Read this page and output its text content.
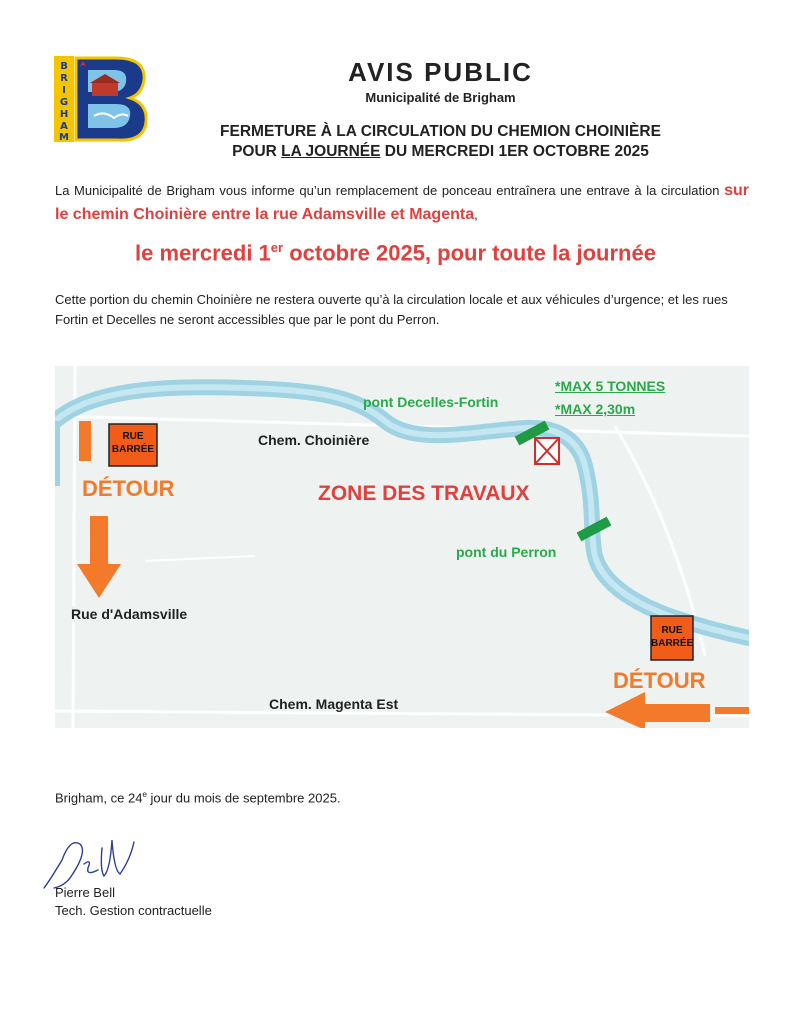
B
R
I
G
H
A
M
AVIS PUBLIC
Municipalité de Brigham
FERMETURE À LA CIRCULATION DU CHEMION CHOINIÈRE
POUR LA JOURNÉE DU MERCREDI 1ER OCTOBRE 2025
La Municipalité de Brigham vous informe qu’un remplacement de ponceau entraînera une entrave à la circulation sur le chemin Choinière entre la rue Adamsville et Magenta,
le mercredi 1er octobre 2025, pour toute la journée
Cette portion du chemin Choinière ne restera ouverte qu’à la circulation locale et aux véhicules d’urgence; et les rues Fortin et Decelles ne seront accessibles que par le pont du Perron.
RUE
BARRÉE
RUE
BARRÉE
DÉTOUR
DÉTOUR
Chem. Choinière
ZONE DES TRAVAUX
pont Decelles-Fortin
*MAX 5 TONNES
*MAX 2,30m
pont du Perron
Rue d'Adamsville
Chem. Magenta Est
Brigham, ce 24e jour du mois de septembre 2025.
Pierre Bell
Tech. Gestion contractuelle
